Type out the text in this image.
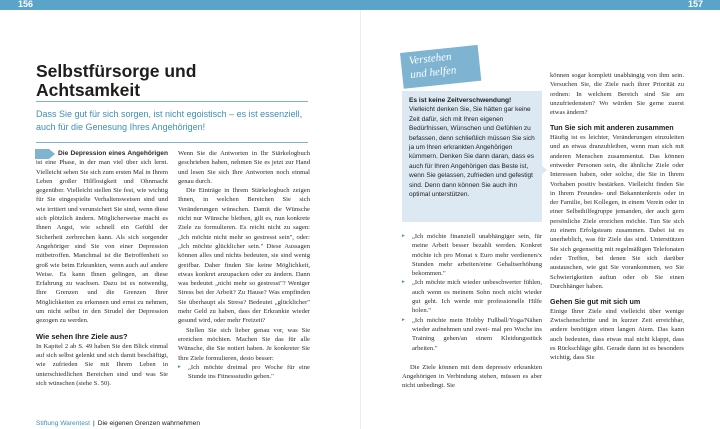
156	157
Selbstfürsorge und Achtsamkeit
Dass Sie gut für sich sorgen, ist nicht egoistisch – es ist essenziell, auch für die Genesung Ihres Angehörigen!

Die Depression eines Angehörigen ist eine Phase, in der man viel über sich lernt. Vielleicht sehen Sie sich zum ersten Mal in Ihrem Leben großer Hilflosigkeit und Ohnmacht gegenüber. Vielleicht stellen Sie fest, wie wichtig für Sie eingespielte Verhaltensweisen sind und wie irritiert und verunsichert Sie sind, wenn diese sich plötzlich ändern. Möglicherweise macht es Ihnen Angst, wie schnell ein Gefühl der Sicherheit zerbrechen kann. Als sich sorgender Angehöriger sind Sie von einer Depression mitbetroffen. Manchmal ist die Betroffenheit so groß wie beim Erkrankten, wenn auch auf andere Weise. Es kann Ihnen gelingen, an diese Erfahrung zu wachsen. Dazu ist es notwendig, Ihre Grenzen und die Grenzen Ihrer Möglichkeiten zu erkennen und ernst zu nehmen, um nicht selbst in den Strudel der Depression gezogen zu werden.

Wie sehen Ihre Ziele aus?

In Kapitel 2 ab S. 49 haben Sie den Blick einmal auf sich selbst gelenkt und sich damit beschäftigt, wie zufrieden Sie mit Ihrem Leben in unterschiedlichen Bereichen sind und was Sie sich wünschen (siehe S. 50).

Wenn Sie die Antworten in Ihr Stärkelogbuch geschrieben haben, nehmen Sie es jetzt zur Hand und lesen Sie sich Ihre Antworten noch einmal genau durch.

Die Einträge in Ihrem Stärkelogbuch zeigen Ihnen, in welchen Bereichen Sie sich Veränderungen wünschen. Damit die Wünsche nicht nur Wünsche bleiben, gilt es, nun konkrete Ziele zu formulieren. Es reicht nicht zu sagen: „Ich möchte nicht mehr so gestresst sein", oder: „Ich möchte glücklicher sein." Diese Aussagen können alles und nichts bedeuten, sie sind wenig greifbar. Daher finden Sie keine Möglichkeit, etwas konkret anzupacken oder zu ändern. Dann was bedeutet „nicht mehr so gestresst"? Weniger Stress bei der Arbeit? Zu Hause? Was empfinden Sie überhaupt als Stress? Bedeutet „glücklicher" mehr Geld zu haben, dass der Erkrankte wieder gesund wird, oder mehr Freizeit?

Stellen Sie sich lieber genau vor, was Sie erreichen möchten. Machen Sie das für alle Wünsche, die Sie notiert haben. Je konkreter Sie Ihre Ziele formulieren, desto besser:

▸ „Ich möchte dreimal pro Woche für eine Stunde ins Fitnessstudio gehen."
Stiftung Warentest | Die eigenen Grenzen wahrnehmen
Verstehen
und helfen
Es ist keine Zeitverschwendung!
Vielleicht denken Sie, Sie hätten gar keine Zeit dafür, sich mit Ihren eigenen Bedürfnissen, Wünschen und Gefühlen zu befassen, denn schließlich müssen Sie sich ja um Ihren erkrankten Angehörigen kümmern. Denken Sie dann daran, dass es auch für Ihren Angehörigen das Beste ist, wenn Sie gelassen, zufrieden und gefestigt sind. Denn dann können Sie auch ihn optimal unterstützen.
▸ „Ich möchte finanziell unabhängiger sein, für meine Arbeit besser bezahlt werden. Konkret möchte ich pro Monat x Euro mehr verdienen/x Stunden mehr arbeiten/eine Gehaltserhöhung bekommen."
▸ „Ich möchte mich wieder unbeschwerter fühlen, auch wenn es meinem Sohn noch nicht wieder gut geht. Ich werde mir professionelle Hilfe holen."
▸ „Ich möchte mein Hobby Fußball/Yoga/Nähen wieder aufnehmen und zwei- mal pro Woche ins Training gehen/an einem Kleidungsstück arbeiten."

Die Ziele können mit dem depressiv erkrankten Angehörigen in Verbindung stehen, müssen es aber nicht unbedingt. Sie

können sogar komplett unabhängig von ihm sein. Versuchen Sie, die Ziele nach ihrer Priorität zu ordnen: In welchem Bereich sind Sie am unzufriedensten? Wo würden Sie gerne zuerst etwas ändern?

Tun Sie sich mit anderen zusammen

Häufig ist es leichter, Veränderungen einzuleiten und an etwas dranzubleiben, wenn man sich mit anderen Menschen zusammentut. Das können entweder Personen sein, die ähnliche Ziele oder Interessen haben, oder solche, die Sie in Ihrem Vorhaben positiv bestärken. Vielleicht finden Sie in Ihrem Freundes- und Bekanntenkreis oder in der Familie, bei Kollegen, in einem Verein oder in einer Selbsthilfegruppe jemanden, der auch gern persönliche Ziele erreichen möchte. Tun Sie sich zu einem Erfolgsteam zusammen. Dabei ist es unerheblich, was für Ziele das sind. Unterstützen Sie sich gegenseitig mit regelmäßigen Telefonaten oder Treffen, bei denen Sie sich darüber austauschen, wie gut Sie vorankommen, wo Sie Schwierigkeiten auftun oder ob Sie einen Durchhänger haben.

Gehen Sie gut mit sich um

Einige Ihrer Ziele sind vielleicht über wenige Zwischenschritte und in kurzer Zeit erreichbar, andere benötigen einen langen Atem. Das kann auch bedeuten, dass etwas mal nicht klappt, dass es Rückschläge gibt. Gerade dann ist es besonders wichtig, dass Sie
